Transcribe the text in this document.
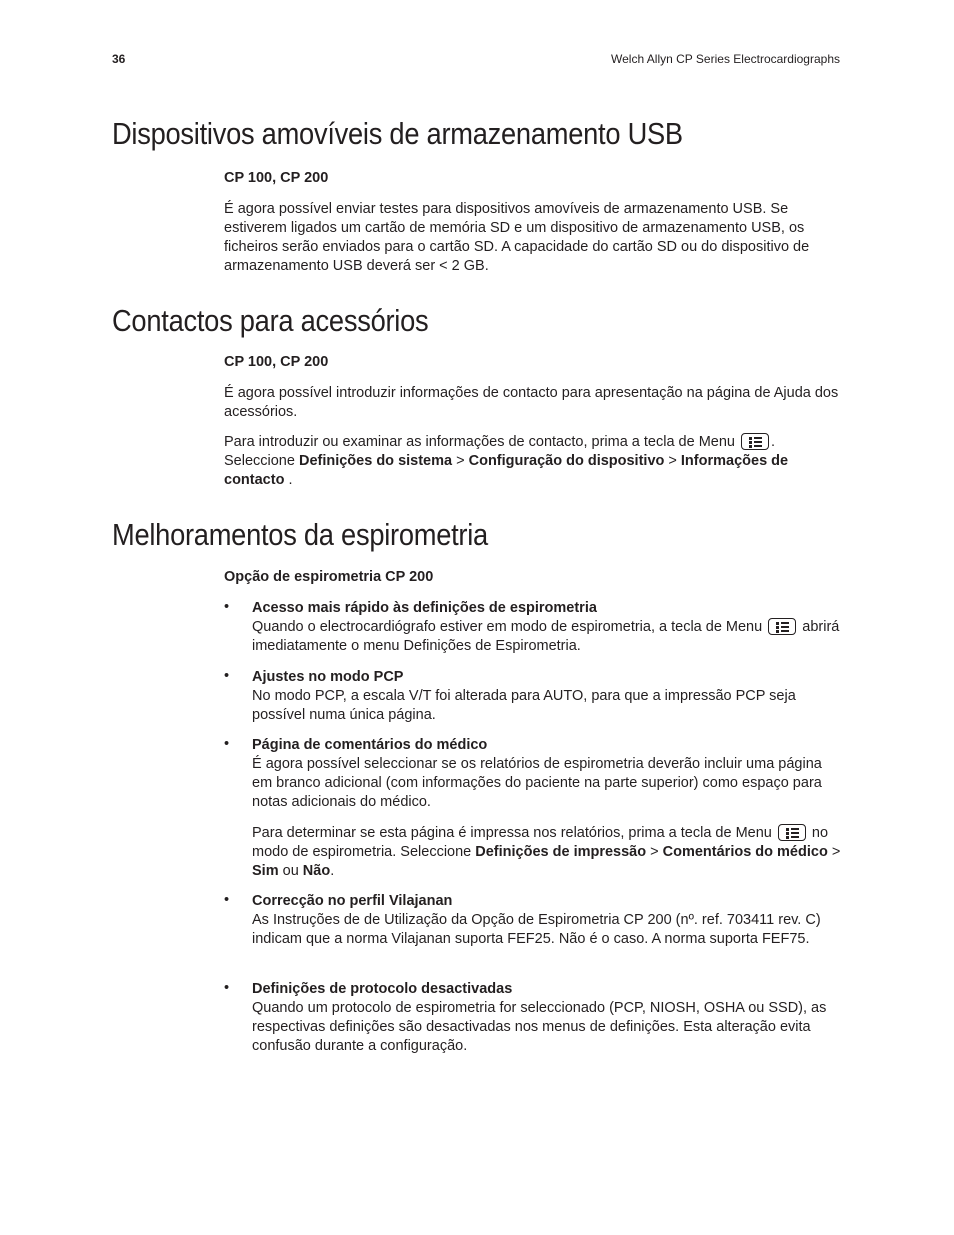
36	Welch Allyn CP Series Electrocardiographs
Dispositivos amovíveis de armazenamento USB

CP 100, CP 200

É agora possível enviar testes para dispositivos amovíveis de armazenamento USB. Se estiverem ligados um cartão de memória SD e um dispositivo de armazenamento USB, os ficheiros serão enviados para o cartão SD. A capacidade do cartão SD ou do dispositivo de armazenamento USB deverá ser < 2 GB.

Contactos para acessórios

CP 100, CP 200

É agora possível introduzir informações de contacto para apresentação na página de Ajuda dos acessórios.

Para introduzir ou examinar as informações de contacto, prima a tecla de Menu . Seleccione Definições do sistema > Configuração do dispositivo > Informações de contacto .

Melhoramentos da espirometria

Opção de espirometria CP 200

• Acesso mais rápido às definições de espirometria
Quando o electrocardiógrafo estiver em modo de espirometria, a tecla de Menu	abrirá imediatamente o menu Definições de Espirometria.

• Ajustes no modo PCP
No modo PCP, a escala V/T foi alterada para AUTO, para que a impressão PCP seja possível numa única página.

• Página de comentários do médico
É agora possível seleccionar se os relatórios de espirometria deverão incluir uma página em branco adicional (com informações do paciente na parte superior) como espaço para notas adicionais do médico.

Para determinar se esta página é impressa nos relatórios, prima a tecla de Menu	no modo de espirometria. Seleccione Definições de impressão > Comentários do médico > Sim ou Não.

• Correcção no perfil Vilajanan
As Instruções de de Utilização da Opção de Espirometria CP 200 (nº. ref. 703411 rev. C) indicam que a norma Vilajanan suporta FEF25. Não é o caso. A norma suporta FEF75.

• Definições de protocolo desactivadas
Quando um protocolo de espirometria for seleccionado (PCP, NIOSH, OSHA ou SSD), as respectivas definições são desactivadas nos menus de definições. Esta alteração evita confusão durante a configuração.
